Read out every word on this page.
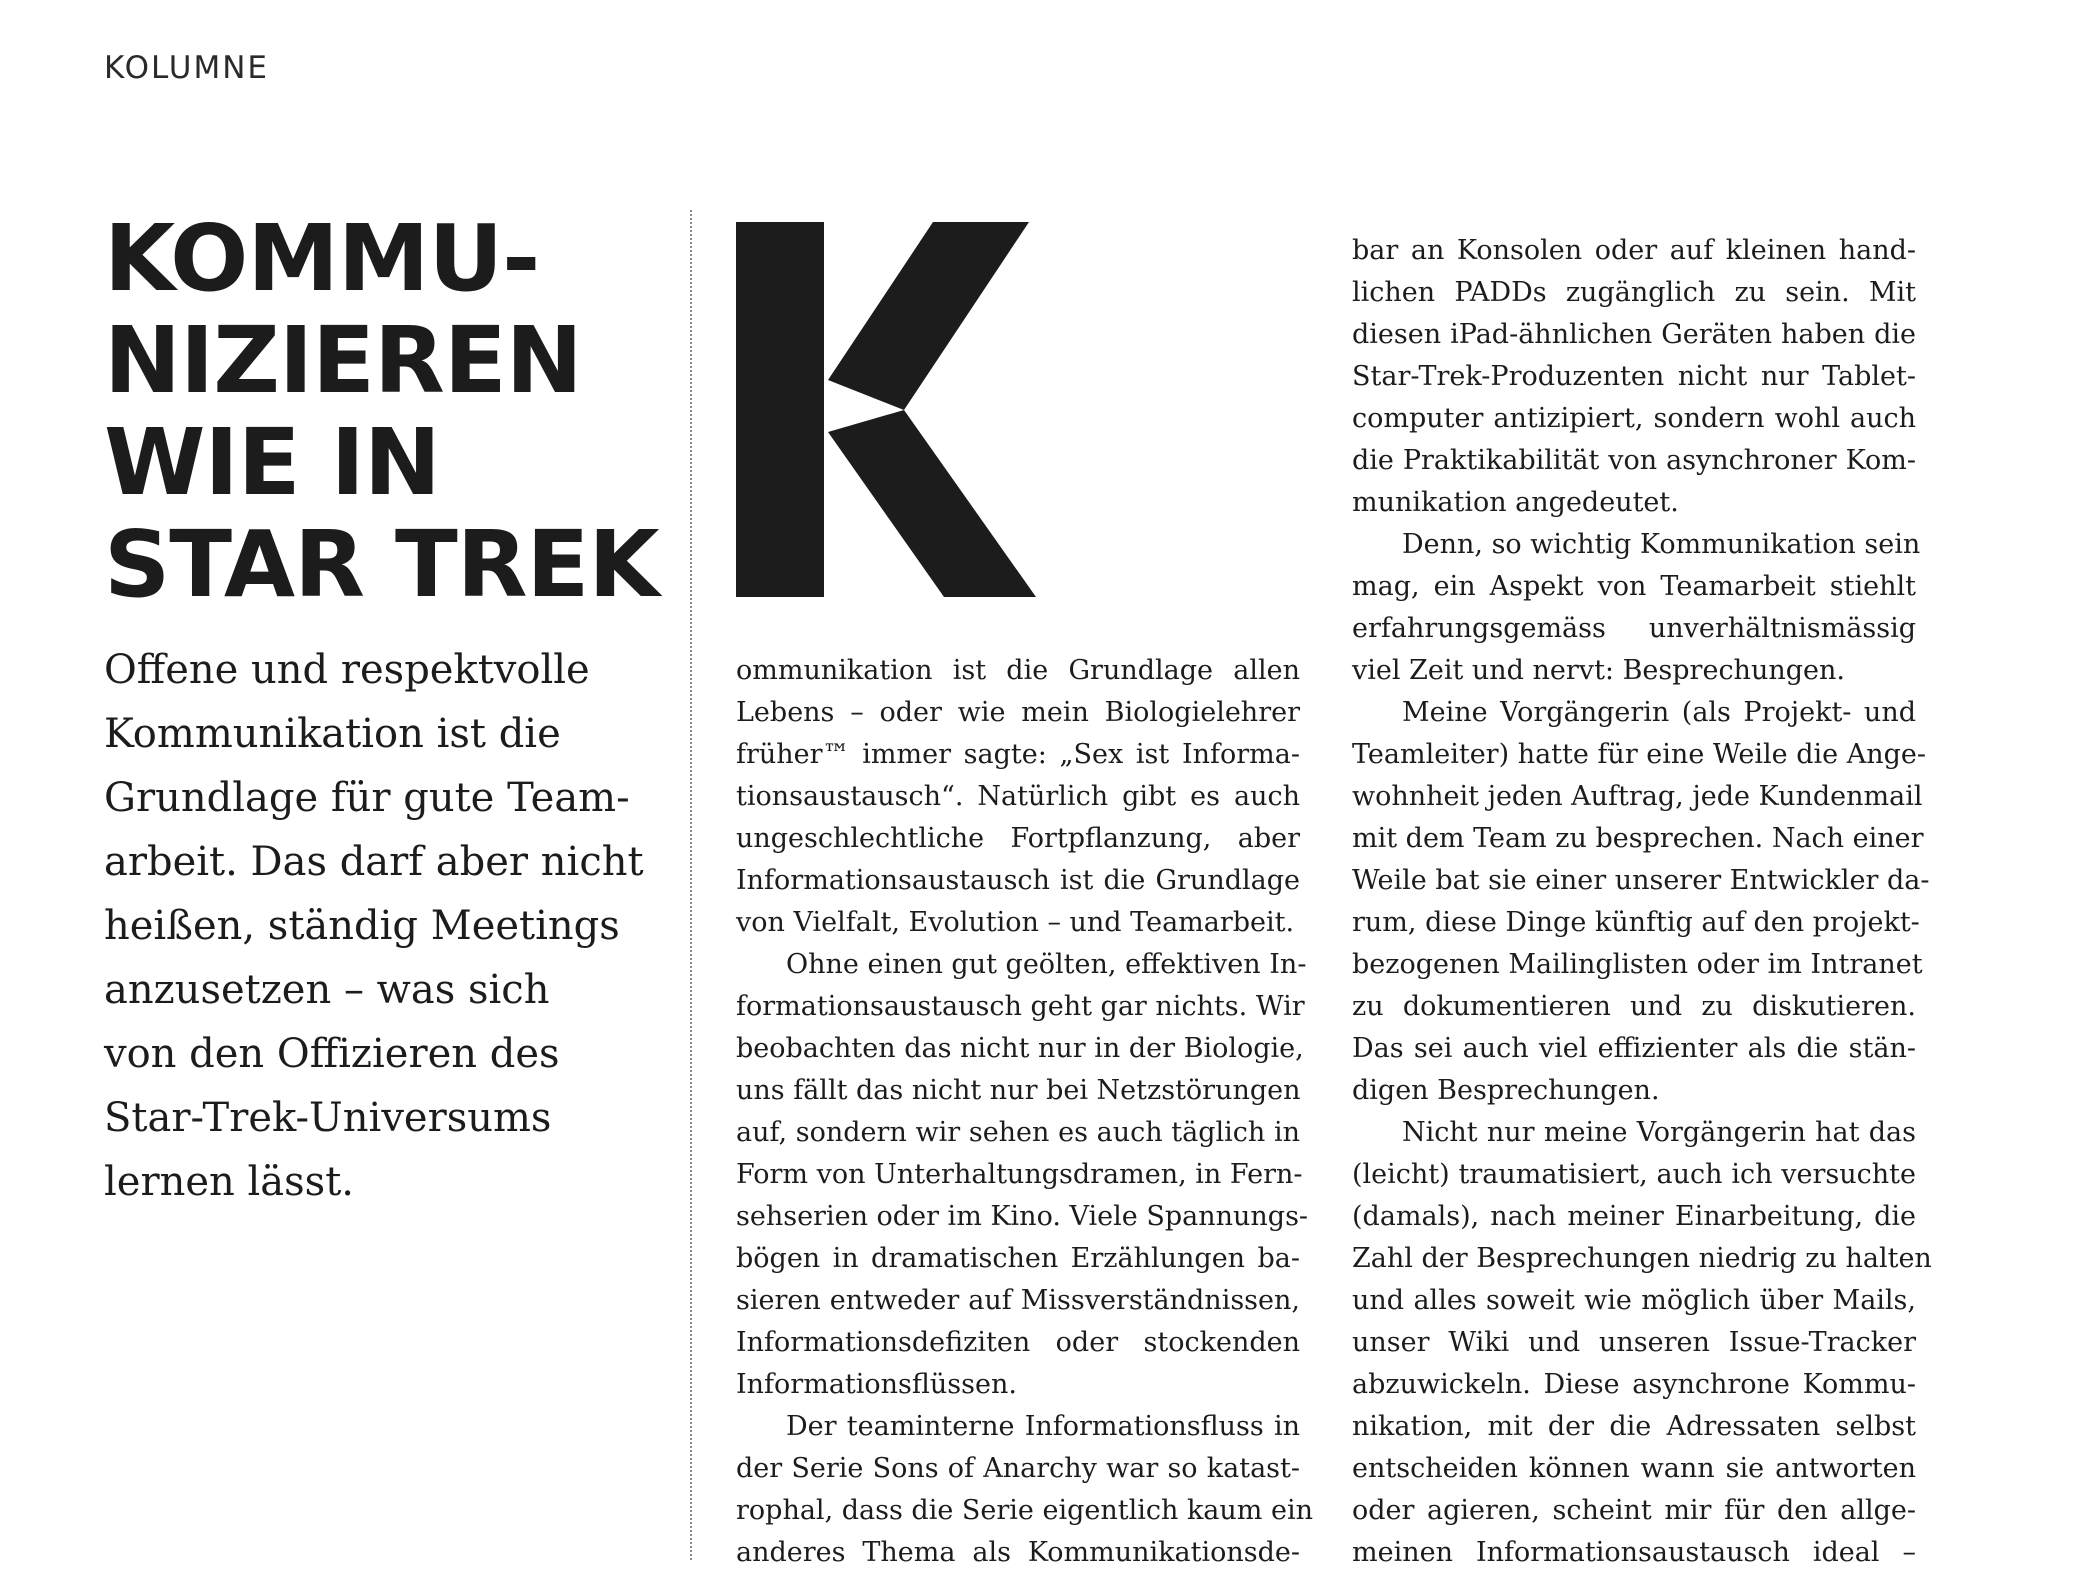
KOLUMNE
KOMMU-
NIZIEREN
WIE IN
STAR TREK

Offene und respektvolle
Kommunikation ist die
Grundlage für gute Team-
arbeit. Das darf aber nicht
heißen, ständig Meetings
anzusetzen – was sich
von den Offizieren des
Star-Trek-Universums
lernen lässt.

ommunikation ist die Grundlage allen
Lebens – oder wie mein Biologielehrer
früher™ immer sagte: „Sex ist Informa-
tionsaustausch“. Natürlich gibt es auch
ungeschlechtliche Fortpflanzung, aber
Informationsaustausch ist die Grundlage
von Vielfalt, Evolution – und Teamarbeit.
Ohne einen gut geölten, effektiven In-
formationsaustausch geht gar nichts. Wir
beobachten das nicht nur in der Biologie,
uns fällt das nicht nur bei Netzstörungen
auf, sondern wir sehen es auch täglich in
Form von Unterhaltungsdramen, in Fern-
sehserien oder im Kino. Viele Spannungs-
bögen in dramatischen Erzählungen ba-
sieren entweder auf Missverständnissen,
Informationsdefiziten oder stockenden
Informationsflüssen.
Der teaminterne Informationsfluss in
der Serie Sons of Anarchy war so katast-
rophal, dass die Serie eigentlich kaum ein
anderes Thema als Kommunikationsde-

bar an Konsolen oder auf kleinen hand-
lichen PADDs zugänglich zu sein. Mit
diesen iPad-ähnlichen Geräten haben die
Star-Trek-Produzenten nicht nur Tablet-
computer antizipiert, sondern wohl auch
die Praktikabilität von asynchroner Kom-
munikation angedeutet.
Denn, so wichtig Kommunikation sein
mag, ein Aspekt von Teamarbeit stiehlt
erfahrungsgemäss unverhältnismässig
viel Zeit und nervt: Besprechungen.
Meine Vorgängerin (als Projekt- und
Teamleiter) hatte für eine Weile die Ange-
wohnheit jeden Auftrag, jede Kundenmail
mit dem Team zu besprechen. Nach einer
Weile bat sie einer unserer Entwickler da-
rum, diese Dinge künftig auf den projekt-
bezogenen Mailinglisten oder im Intranet
zu dokumentieren und zu diskutieren.
Das sei auch viel effizienter als die stän-
digen Besprechungen.
Nicht nur meine Vorgängerin hat das
(leicht) traumatisiert, auch ich versuchte
(damals), nach meiner Einarbeitung, die
Zahl der Besprechungen niedrig zu halten
und alles soweit wie möglich über Mails,
unser Wiki und unseren Issue-Tracker
abzuwickeln. Diese asynchrone Kommu-
nikation, mit der die Adressaten selbst
entscheiden können wann sie antworten
oder agieren, scheint mir für den allge-
meinen Informationsaustausch ideal –
